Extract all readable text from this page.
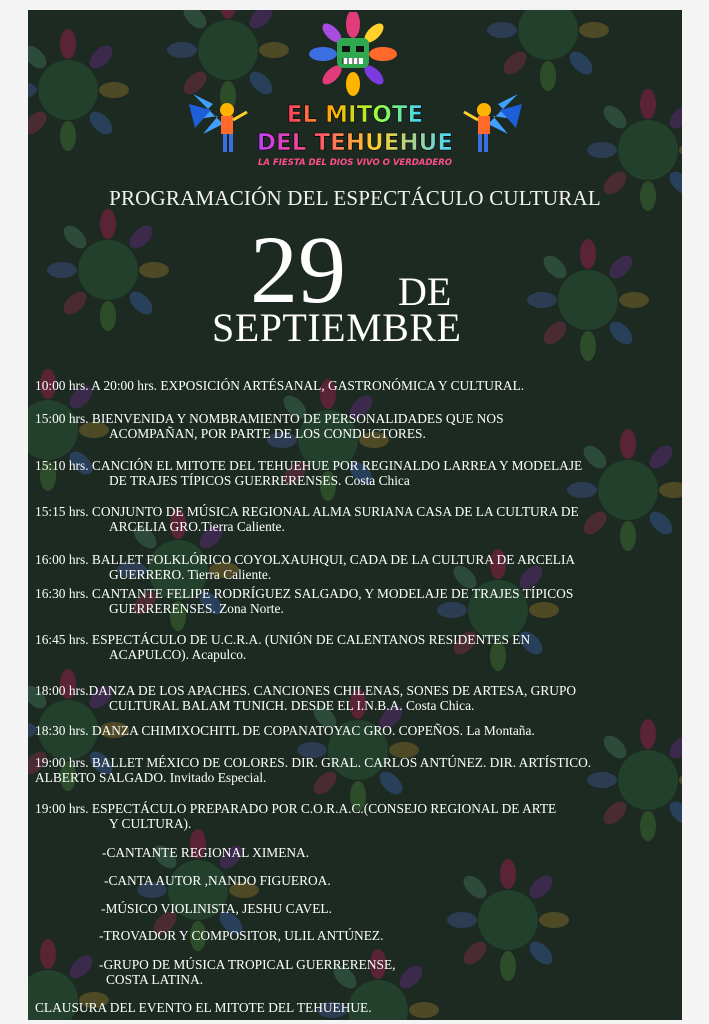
EL MITOTE
DEL TEHUEHUE
LA FIESTA DEL DIOS VIVO O VERDADERO
PROGRAMACIÓN DEL ESPECTÁCULO CULTURAL
29 DE
SEPTIEMBRE
10:00 hrs. A 20:00 hrs. EXPOSICIÓN ARTÉSANAL, GASTRONÓMICA Y CULTURAL.
15:00 hrs. BIENVENIDA Y NOMBRAMIENTO DE PERSONALIDADES QUE NOS
ACOMPAÑAN, POR PARTE DE LOS CONDUCTORES.
15:10 hrs. CANCIÓN EL MITOTE DEL TEHUEHUE POR REGINALDO LARREA Y MODELAJE
DE TRAJES TÍPICOS GUERRERENSES. Costa Chica
15:15 hrs. CONJUNTO DE MÚSICA REGIONAL ALMA SURIANA CASA DE LA CULTURA DE
ARCELIA GRO.Tierra Caliente.
16:00 hrs. BALLET FOLKLÓRICO COYOLXAUHQUI, CADA DE LA CULTURA DE ARCELIA
GUERRERO. Tierra Caliente.
16:30 hrs. CANTANTE FELIPE RODRÍGUEZ SALGADO, Y MODELAJE DE TRAJES TÍPICOS
GUERRERENSES. Zona Norte.
16:45 hrs. ESPECTÁCULO DE U.C.R.A. (UNIÓN DE CALENTANOS RESIDENTES EN
ACAPULCO). Acapulco.
18:00 hrs.DANZA DE LOS APACHES. CANCIONES CHILENAS, SONES DE ARTESA, GRUPO
CULTURAL BALAM TUNICH. DESDE EL I.N.B.A. Costa Chica.
18:30 hrs. DANZA CHIMIXOCHITL DE COPANATOYAC GRO. COPEÑOS. La Montaña.
19:00 hrs. BALLET MÉXICO DE COLORES. DIR. GRAL. CARLOS ANTÚNEZ. DIR. ARTÍSTICO.
ALBERTO SALGADO. Invitado Especial.
19:00 hrs. ESPECTÁCULO PREPARADO POR C.O.R.A.C.(CONSEJO REGIONAL DE ARTE
Y CULTURA).
-CANTANTE REGIONAL XIMENA.
-CANTA AUTOR ,NANDO FIGUEROA.
-MÚSICO VIOLINISTA, JESHU CAVEL.
-TROVADOR Y COMPOSITOR, ULIL ANTÚNEZ.
-GRUPO DE MÚSICA TROPICAL GUERRERENSE,
COSTA LATINA.
CLAUSURA DEL EVENTO EL MITOTE DEL TEHUEHUE.
